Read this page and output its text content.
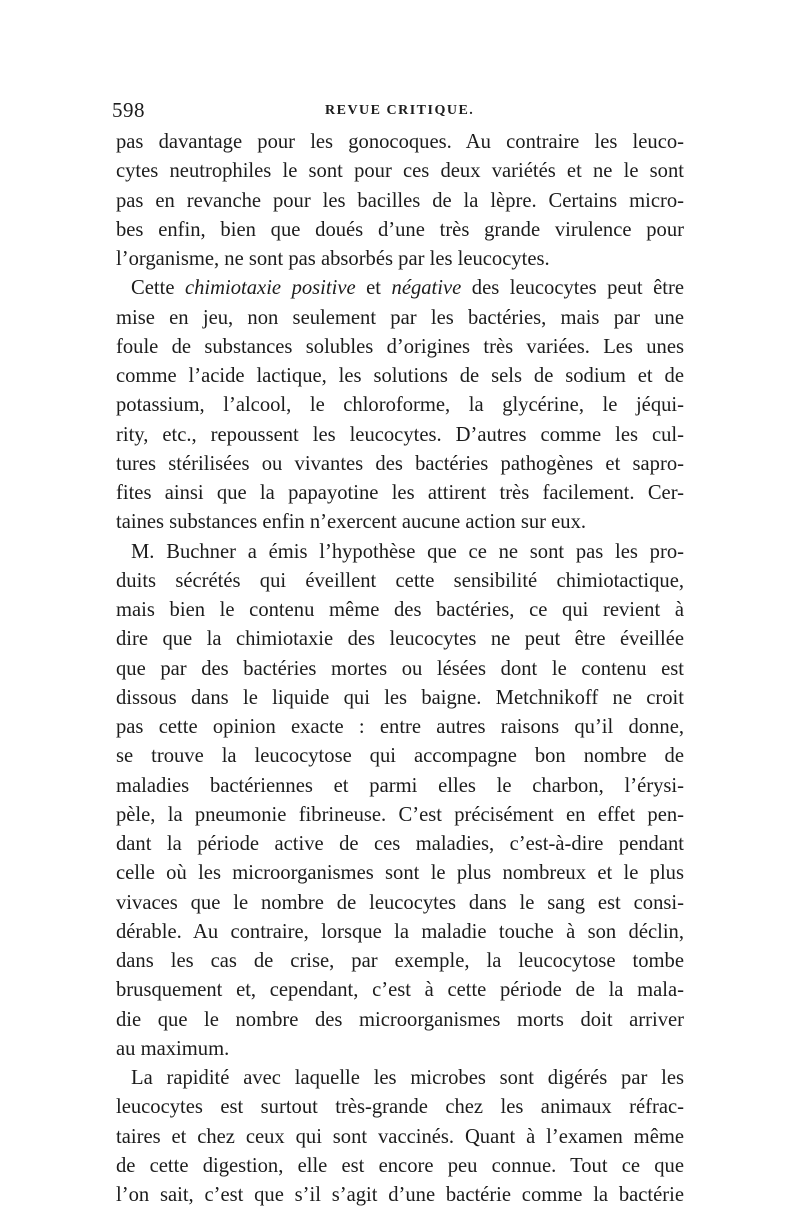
598	REVUE CRITIQUE.
pas davantage pour les gonocoques. Au contraire les leuco-
cytes neutrophiles le sont pour ces deux variétés et ne le sont
pas en revanche pour les bacilles de la lèpre. Certains micro-
bes enfin, bien que doués d’une très grande virulence pour
l’organisme, ne sont pas absorbés par les leucocytes.
Cette chimiotaxie positive et négative des leucocytes peut être
mise en jeu, non seulement par les bactéries, mais par une
foule de substances solubles d’origines très variées. Les unes
comme l’acide lactique, les solutions de sels de sodium et de
potassium, l’alcool, le chloroforme, la glycérine, le jéqui-
rity, etc., repoussent les leucocytes. D’autres comme les cul-
tures stérilisées ou vivantes des bactéries pathogènes et sapro-
fites ainsi que la papayotine les attirent très facilement. Cer-
taines substances enfin n’exercent aucune action sur eux.
M. Buchner a émis l’hypothèse que ce ne sont pas les pro-
duits sécrétés qui éveillent cette sensibilité chimiotactique,
mais bien le contenu même des bactéries, ce qui revient à
dire que la chimiotaxie des leucocytes ne peut être éveillée
que par des bactéries mortes ou lésées dont le contenu est
dissous dans le liquide qui les baigne. Metchnikoff ne croit
pas cette opinion exacte : entre autres raisons qu’il donne,
se trouve la leucocytose qui accompagne bon nombre de
maladies bactériennes et parmi elles le charbon, l’érysi-
pèle, la pneumonie fibrineuse. C’est précisément en effet pen-
dant la période active de ces maladies, c’est-à-dire pendant
celle où les microorganismes sont le plus nombreux et le plus
vivaces que le nombre de leucocytes dans le sang est consi-
dérable. Au contraire, lorsque la maladie touche à son déclin,
dans les cas de crise, par exemple, la leucocytose tombe
brusquement et, cependant, c’est à cette période de la mala-
die que le nombre des microorganismes morts doit arriver
au maximum.
La rapidité avec laquelle les microbes sont digérés par les
leucocytes est surtout très-grande chez les animaux réfrac-
taires et chez ceux qui sont vaccinés. Quant à l’examen même
de cette digestion, elle est encore peu connue. Tout ce que
l’on sait, c’est que s’il s’agit d’une bactérie comme la bactérie
